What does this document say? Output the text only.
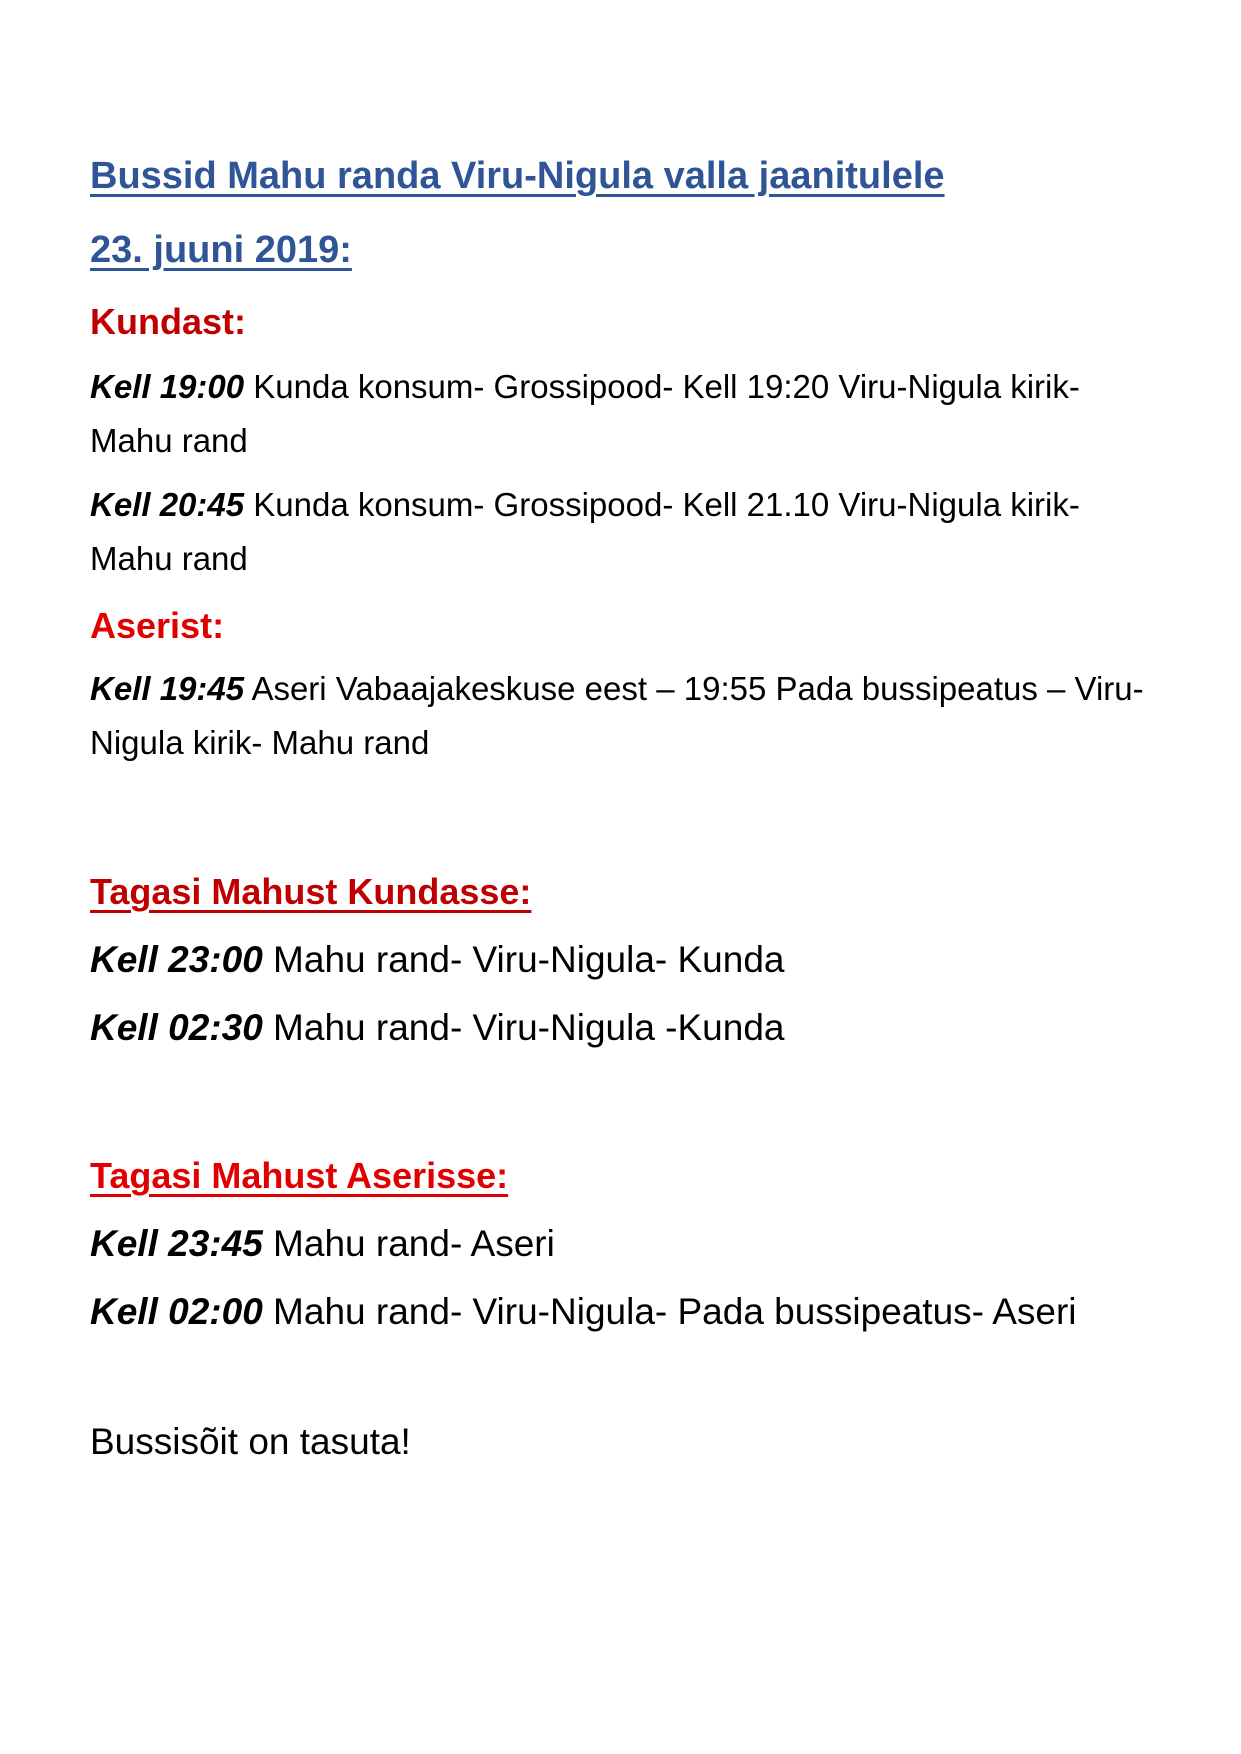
Bussid Mahu randa Viru-Nigula valla jaanitulele

23. juuni 2019:

Kundast:

Kell 19:00 Kunda konsum- Grossipood- Kell 19:20 Viru-Nigula kirik- Mahu rand

Kell 20:45 Kunda konsum- Grossipood- Kell 21.10 Viru-Nigula kirik- Mahu rand

Aserist:

Kell 19:45 Aseri Vabaajakeskuse eest – 19:55 Pada bussipeatus – Viru-Nigula kirik- Mahu rand

Tagasi Mahust Kundasse:

Kell 23:00 Mahu rand- Viru-Nigula- Kunda

Kell 02:30 Mahu rand- Viru-Nigula -Kunda

Tagasi Mahust Aserisse:

Kell 23:45 Mahu rand- Aseri

Kell 02:00 Mahu rand- Viru-Nigula- Pada bussipeatus- Aseri

Bussisõit on tasuta!
